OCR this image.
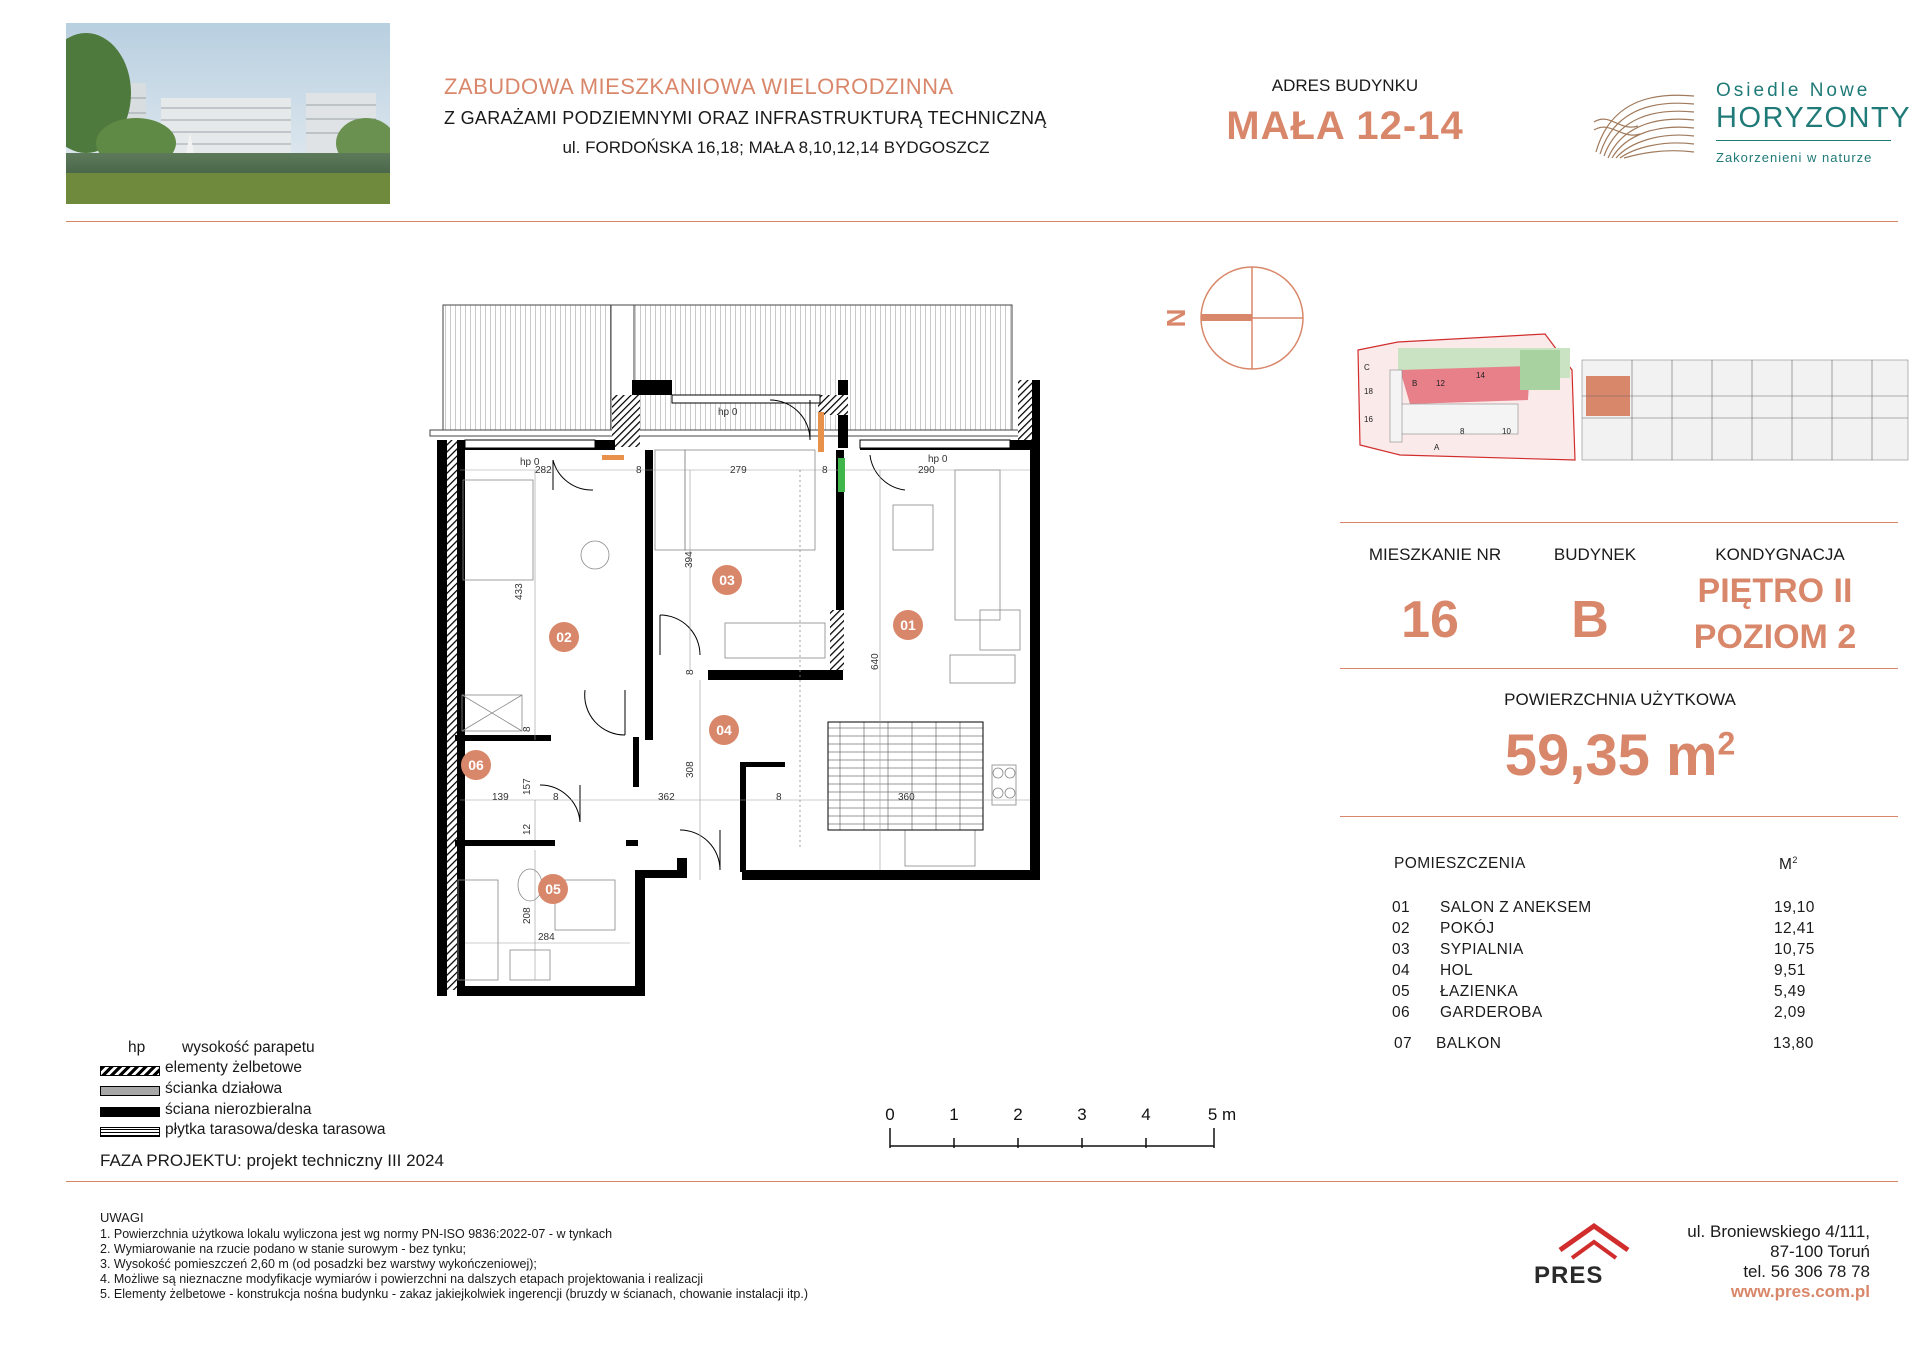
ZABUDOWA MIESZKANIOWA WIELORODZINNA
Z GARAŻAMI PODZIEMNYMI ORAZ INFRASTRUKTURĄ TECHNICZNĄ
ul. FORDOŃSKA 16,18; MAŁA 8,10,12,14 BYDGOSZCZ
ADRES BUDYNKU
MAŁA 12-14
Osiedle Nowe
HORYZONTY
Zakorzenieni w naturze
282	8	279	8	290
433
394
640
8
8
308
139
157
8	362	8	360
12
208
284
hp 0
hp 0
hp 0
01
02
03
04
05
06
N
C
18
16
B 12
14
A
8	10
MIESZKANIE NR	BUDYNEK	KONDYGNACJA
16	B	PIĘTRO II
POZIOM 2
POWIERZCHNIA UŻYTKOWA
59,35 $m^2$
POMIESZCZENIA	$M^2$
01 SALON Z ANEKSEM	19,10
02 POKÓJ	12,41
03 SYPIALNIA	10,75
04 HOL	9,51
05 ŁAZIENKA	5,49
06 GARDEROBA	2,09
07 BALKON	13,80
hp wysokość parapetu
elementy żelbetowe
ścianka działowa
ściana nierozbieralna
płytka tarasowa/deska tarasowa
FAZA PROJEKTU: projekt techniczny III 2024
0	1	2	3	4	5 m
UWAGI
1. Powierzchnia użytkowa lokalu wyliczona jest wg normy PN-ISO 9836:2022-07 - w tynkach
2. Wymiarowanie na rzucie podano w stanie surowym - bez tynku;
3. Wysokość pomieszczeń 2,60 m (od posadzki bez warstwy wykończeniowej);
4. Możliwe są nieznaczne modyfikacje wymiarów i powierzchni na dalszych etapach projektowania i realizacji
5. Elementy żelbetowe - konstrukcja nośna budynku - zakaz jakiejkolwiek ingerencji (bruzdy w ścianach, chowanie instalacji itp.)
PRES
ul. Broniewskiego 4/111,
87-100 Toruń
tel. 56 306 78 78
www.pres.com.pl
